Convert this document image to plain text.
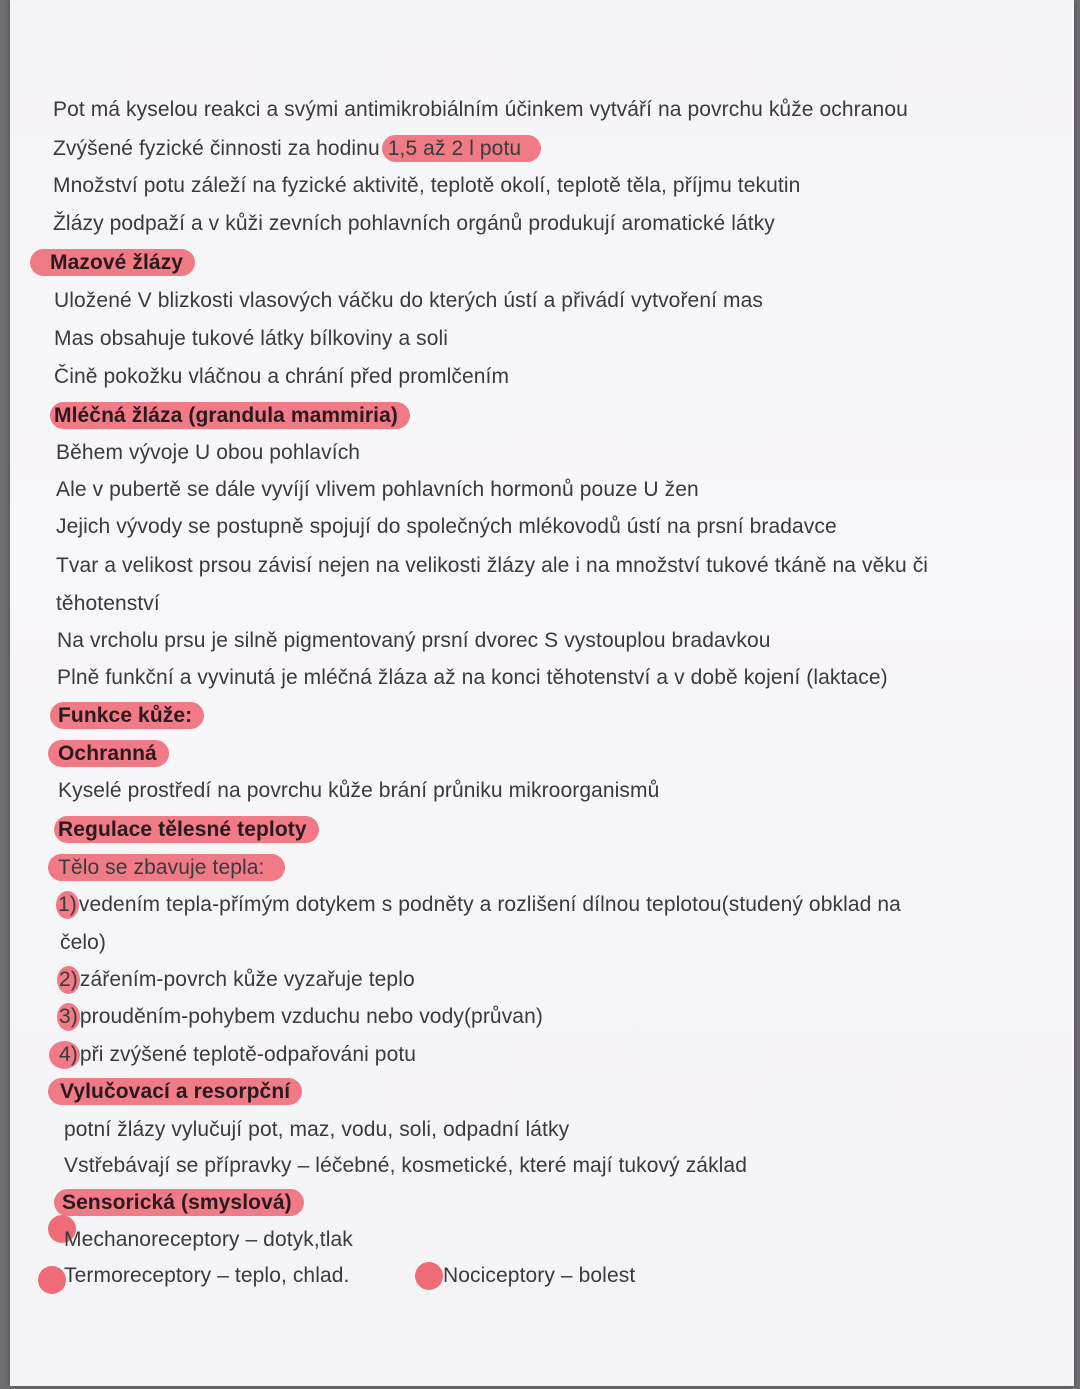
Pot má kyselou reakci a svými antimikrobiálním účinkem vytváří na povrchu kůže ochranou
Zvýšené fyzické činnosti za hodinu 1,5 až 2 l potu
Množství potu záleží na fyzické aktivitě, teplotě okolí, teplotě těla, příjmu tekutin
Žlázy podpaží a v kůži zevních pohlavních orgánů produkují aromatické látky
Mazové žlázy
Uložené V blizkosti vlasových váčku do kterých ústí a přivádí vytvoření mas
Mas obsahuje tukové látky bílkoviny a soli
Čině pokožku vláčnou a chrání před promlčením
Mléčná žláza (grandula mammiria)
Během vývoje U obou pohlavích
Ale v pubertě se dále vyvíjí vlivem pohlavních hormonů pouze U žen
Jejich vývody se postupně spojují do společných mlékovodů ústí na prsní bradavce
Tvar a velikost prsou závisí nejen na velikosti žlázy ale i na množství tukové tkáně na věku či
těhotenství
Na vrcholu prsu je silně pigmentovaný prsní dvorec S vystouplou bradavkou
Plně funkční a vyvinutá je mléčná žláza až na konci těhotenství a v době kojení (laktace)
Funkce kůže:
Ochranná
Kyselé prostředí na povrchu kůže brání průniku mikroorganismů
Regulace tělesné teploty
Tělo se zbavuje tepla:
1)vedením tepla-přímým dotykem s podněty a rozlišení dílnou teplotou(studený obklad na
čelo)
2)zářením-povrch kůže vyzařuje teplo
3)prouděním-pohybem vzduchu nebo vody(průvan)
4)při zvýšené teplotě-odpařováni potu
Vylučovací a resorpční
potní žlázy vylučují pot, maz, vodu, soli, odpadní látky
Vstřebávají se přípravky – léčebné, kosmetické, které mají tukový základ
Sensorická (smyslová)
Mechanoreceptory – dotyk,tlak
Termoreceptory – teplo, chlad.	Nociceptory – bolest
